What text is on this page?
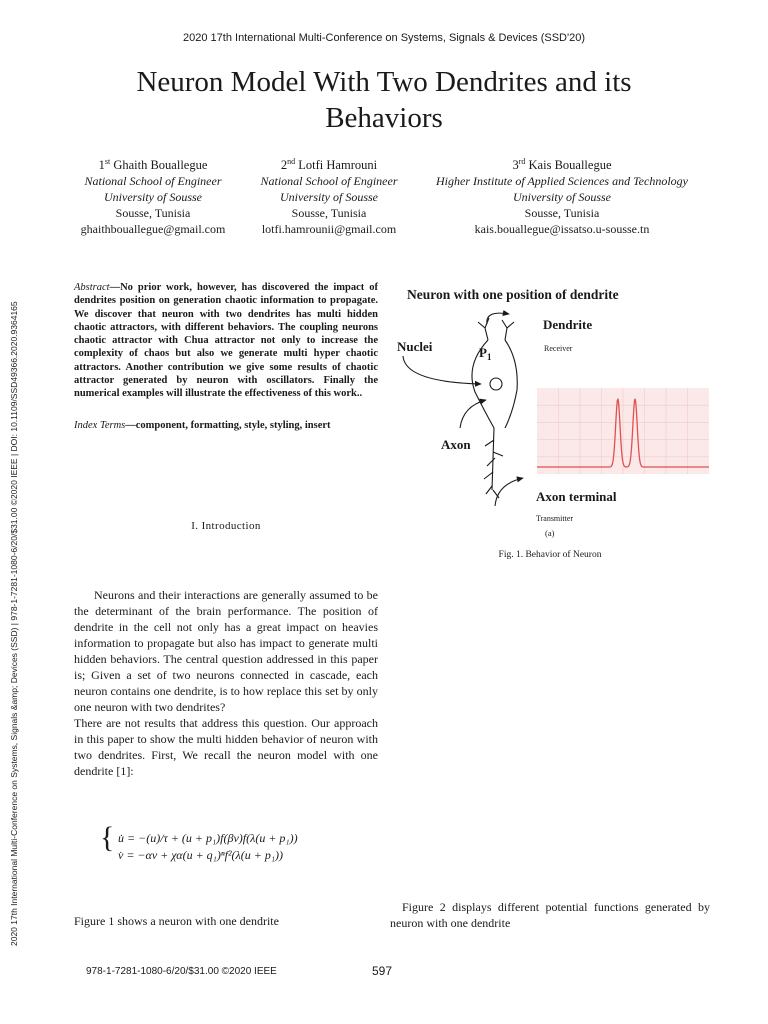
2020 17th International Multi-Conference on Systems, Signals & Devices (SSD'20)
Neuron Model With Two Dendrites and its Behaviors
1st Ghaith Bouallegue
National School of Engineer
University of Sousse
Sousse, Tunisia
ghaithbouallegue@gmail.com
2nd Lotfi Hamrouni
National School of Engineer
University of Sousse
Sousse, Tunisia
lotfi.hamrounii@gmail.com
3rd Kais Bouallegue
Higher Institute of Applied Sciences and Technology
University of Sousse
Sousse, Tunisia
kais.bouallegue@issatso.u-sousse.tn
2020 17th International Multi-Conference on Systems, Signals &amp; Devices (SSD) | 978-1-7281-1080-6/20/$31.00 ©2020 IEEE | DOI: 10.1109/SSD49366.2020.9364165
Abstract—No prior work, however, has discovered the impact of dendrites position on generation chaotic information to propagate. We discover that neuron with two dendrites has multi hidden chaotic attractors, with different behaviors. The coupling neurons chaotic attractor with Chua attractor not only to increase the complexity of chaos but also we generate multi hyper chaotic attractors. Another contribution we give some results of chaotic attractor generated by neuron with oscillators. Finally the numerical examples will illustrate the effectiveness of this work..
Index Terms—component, formatting, style, styling, insert
I. Introduction
Neurons and their interactions are generally assumed to be the determinant of the brain performance. The position of dendrite in the cell not only has a great impact on heavies information to propagate but also has impact to generate multi hidden behaviors. The central question addressed in this paper is; Given a set of two neurons connected in cascade, each neuron contains one dendrite, is to how replace this set by only one neuron with two dendrites?
There are not results that address this question. Our approach in this paper to show the multi hidden behavior of neuron with two dendrites. First, We recall the neuron model with one dendrite [1]:
{ u̇ = −(u)/τ + (u + p₁)f(βv)f(λ(u + p₁))
v̇ = −αv + χα(u + q₁)ⁿf²(λ(u + p₁))
Figure 1 shows a neuron with one dendrite
Neuron with one position of dendrite
Dendrite
Receiver
Nuclei	$P_1$
Axon
Axon terminal
Transmitter
(a)
Fig. 1. Behavior of Neuron
Figure 2 displays different potential functions generated by neuron with one dendrite
978-1-7281-1080-6/20/$31.00 ©2020 IEEE	597
